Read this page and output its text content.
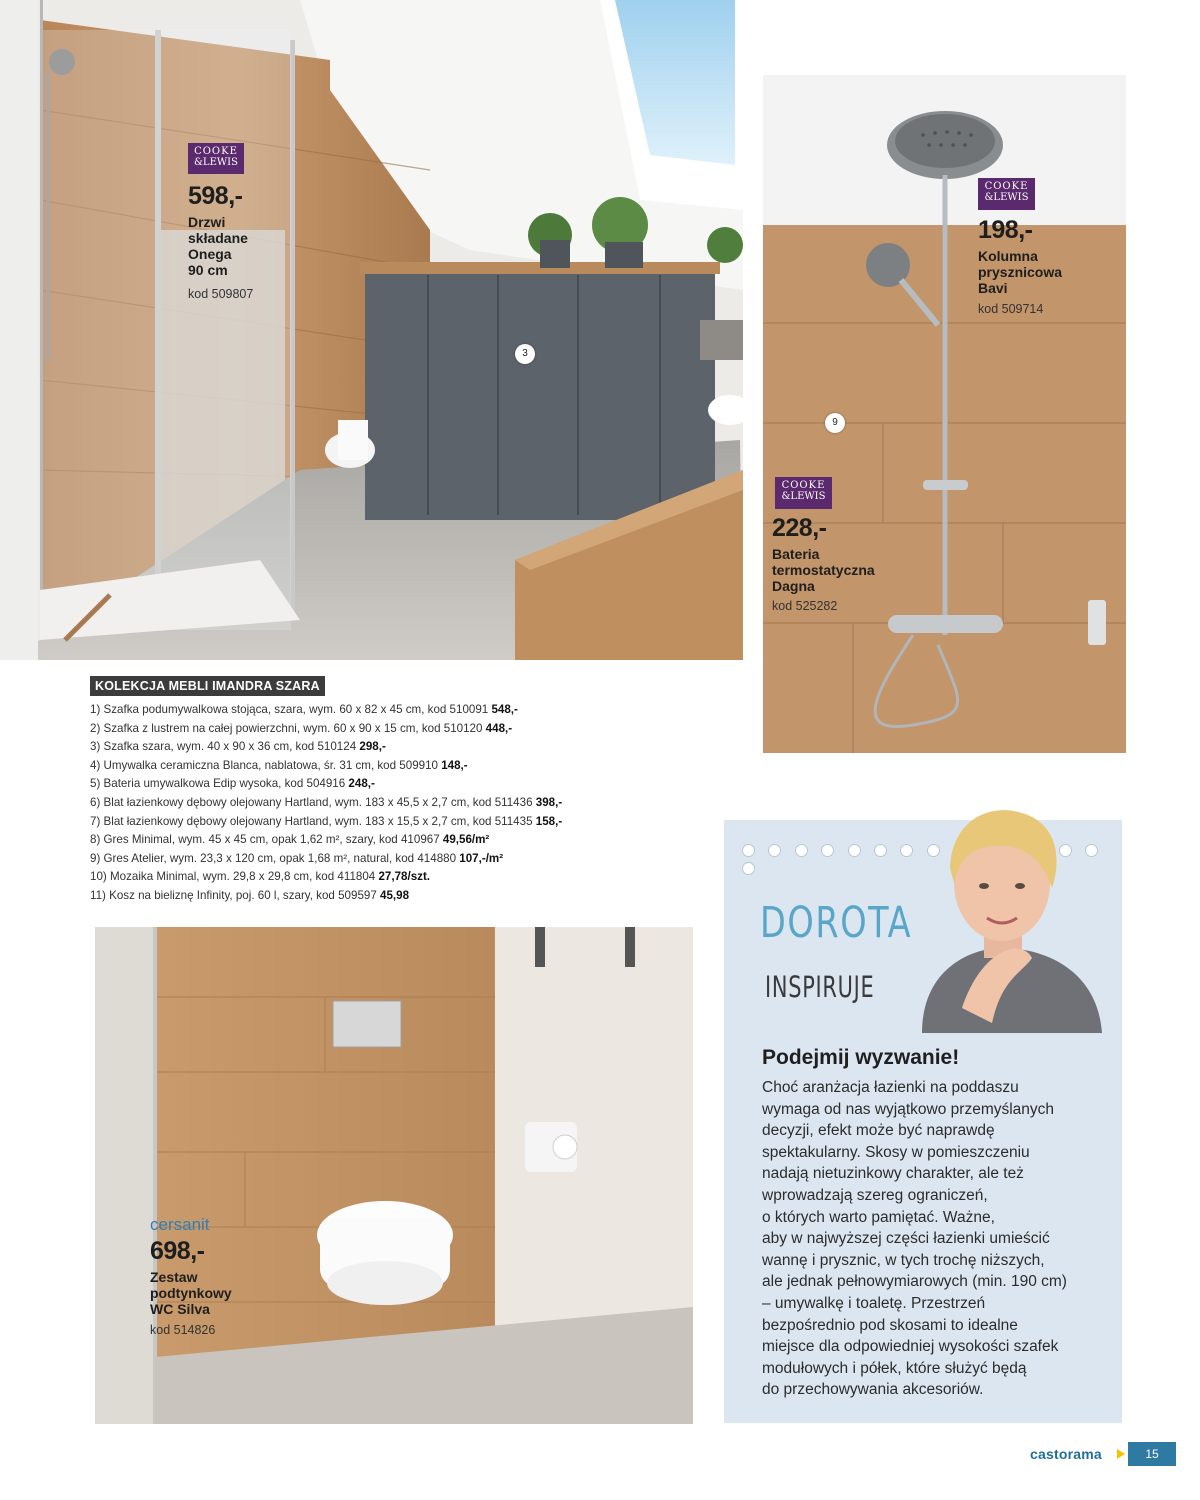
COOKE
&LEWIS
598,-
Drzwi
składane
Onega
90 cm
kod 509807
3
COOKE
&LEWIS
198,-
Kolumna
prysznicowa
Bavi
kod 509714
9
COOKE
&LEWIS
228,-
Bateria
termostatyczna
Dagna
kod 525282
KOLEKCJA MEBLI IMANDRA SZARA
1) Szafka podumywalkowa stojąca, szara, wym. 60 x 82 x 45 cm, kod 510091 548,-
2) Szafka z lustrem na całej powierzchni, wym. 60 x 90 x 15 cm, kod 510120 448,-
3) Szafka szara, wym. 40 x 90 x 36 cm, kod 510124 298,-
4) Umywalka ceramiczna Blanca, nablatowa, śr. 31 cm, kod 509910 148,-
5) Bateria umywalkowa Edip wysoka, kod 504916 248,-
6) Blat łazienkowy dębowy olejowany Hartland, wym. 183 x 45,5 x 2,7 cm, kod 511436 398,-
7) Blat łazienkowy dębowy olejowany Hartland, wym. 183 x 15,5 x 2,7 cm, kod 511435 158,-
8) Gres Minimal, wym. 45 x 45 cm, opak 1,62 m², szary, kod 410967 49,56/m²
9) Gres Atelier, wym. 23,3 x 120 cm, opak 1,68 m², natural, kod 414880 107,-/m²
10) Mozaika Minimal, wym. 29,8 x 29,8 cm, kod 411804 27,78/szt.
11) Kosz na bieliznę Infinity, poj. 60 l, szary, kod 509597 45,98
cersanit
698,-
Zestaw
podtynkowy
WC Silva
kod 514826
DOROTA
INSPIRUJE
Podejmij wyzwanie!
Choć aranżacja łazienki na poddaszu
wymaga od nas wyjątkowo przemyślanych
decyzji, efekt może być naprawdę
spektakularny. Skosy w pomieszczeniu
nadają nietuzinkowy charakter, ale też
wprowadzają szereg ograniczeń,
o których warto pamiętać. Ważne,
aby w najwyższej części łazienki umieścić
wannę i prysznic, w tych trochę niższych,
ale jednak pełnowymiarowych (min. 190 cm)
– umywalkę i toaletę. Przestrzeń
bezpośrednio pod skosami to idealne
miejsce dla odpowiedniej wysokości szafek
modułowych i półek, które służyć będą
do przechowywania akcesoriów.
castorama	15
